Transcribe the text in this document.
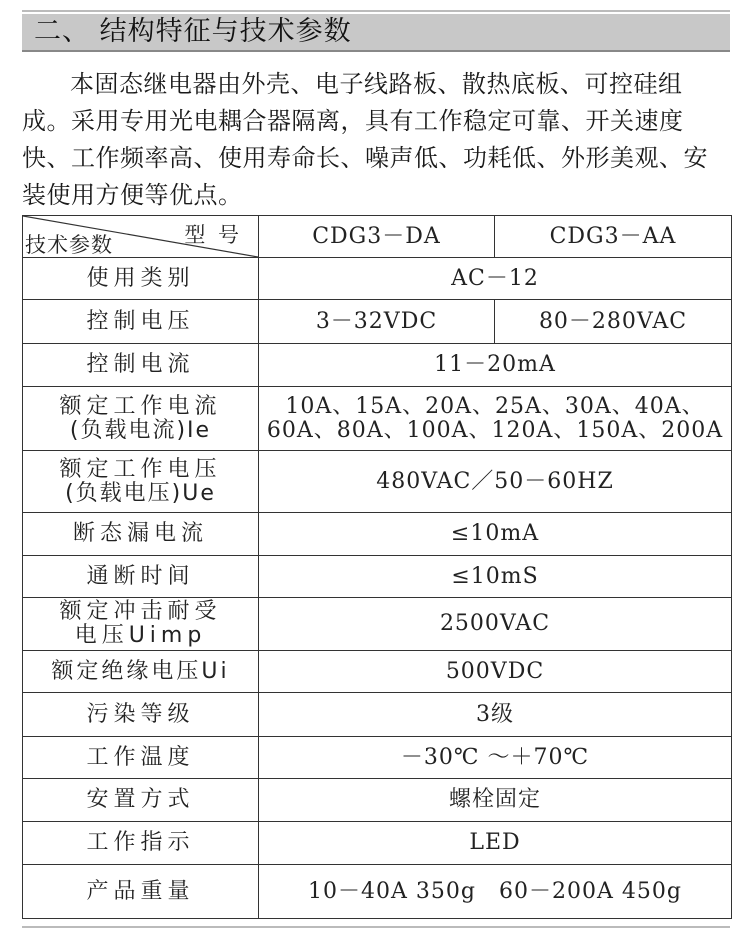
二、 结构特征与技术参数
本固态继电器由外壳、电子线路板、散热底板、可控硅组成。采用专用光电耦合器隔离，具有工作稳定可靠、开关速度快、工作频率高、使用寿命长、噪声低、功耗低、外形美观、安装使用方便等优点。
型 号
技术参数	CDG3－DA	CDG3－AA
使用类别	AC－12	
控制电压	3－32VDC	80－280VAC
控制电流	11－20mA	

额定工作电流
(负载电流)Ie	10A、15A、20A、25A、30A、40A、
60A、80A、100A、120A、150A、200A	

额定工作电压
(负载电压)Ue	480VAC／50－60HZ	
断态漏电流	≤10mA	
通断时间	≤10mS	

额定冲击耐受
电压Uimp	2500VAC	
额定绝缘电压Ui	500VDC	
污染等级	3级	
工作温度	－30℃ ～＋70℃	
安置方式	螺栓固定	
工作指示	LED	
产品重量	10－40A 350g　60－200A 450g	
